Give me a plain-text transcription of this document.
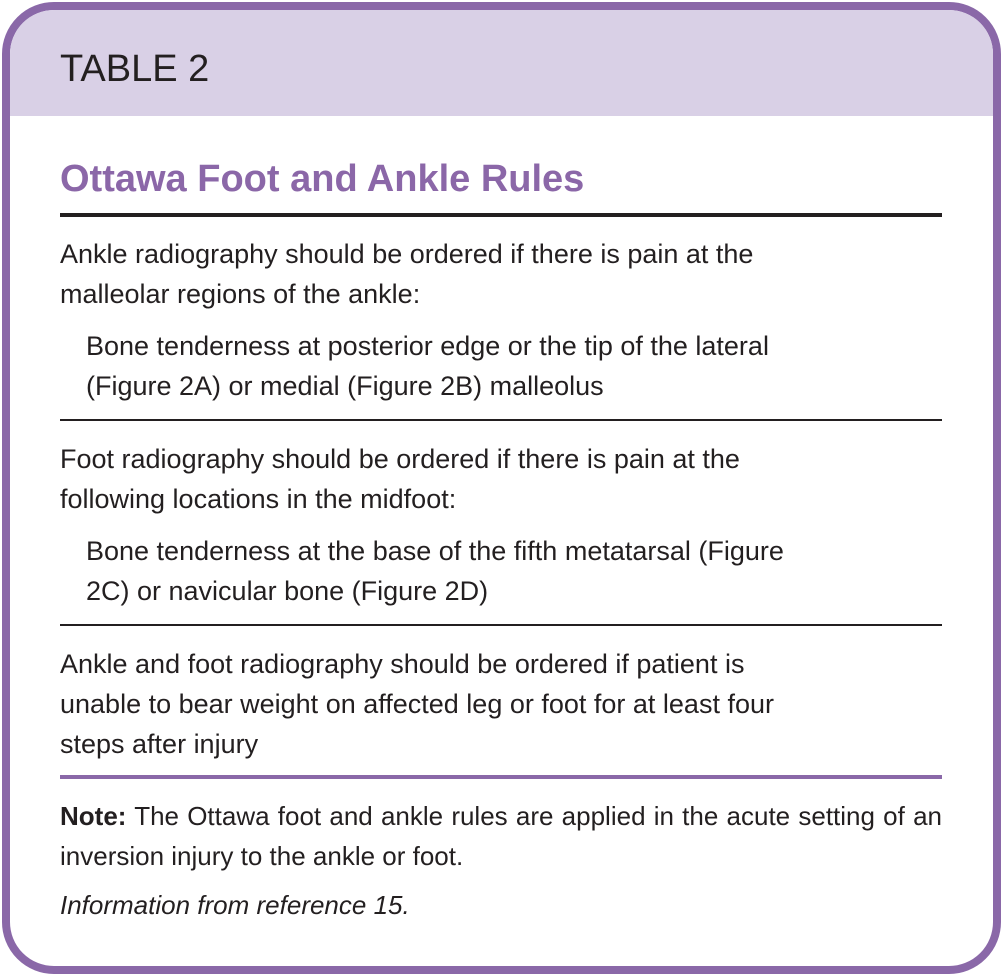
TABLE 2
Ottawa Foot and Ankle Rules
Ankle radiography should be ordered if there is pain at the
malleolar regions of the ankle:
Bone tenderness at posterior edge or the tip of the lateral
(Figure 2A) or medial (Figure 2B) malleolus
Foot radiography should be ordered if there is pain at the
following locations in the midfoot:
Bone tenderness at the base of the fifth metatarsal (Figure
2C) or navicular bone (Figure 2D)
Ankle and foot radiography should be ordered if patient is
unable to bear weight on affected leg or foot for at least four
steps after injury
Note: The Ottawa foot and ankle rules are applied in the acute setting of an inversion injury to the ankle or foot.
Information from reference 15.
